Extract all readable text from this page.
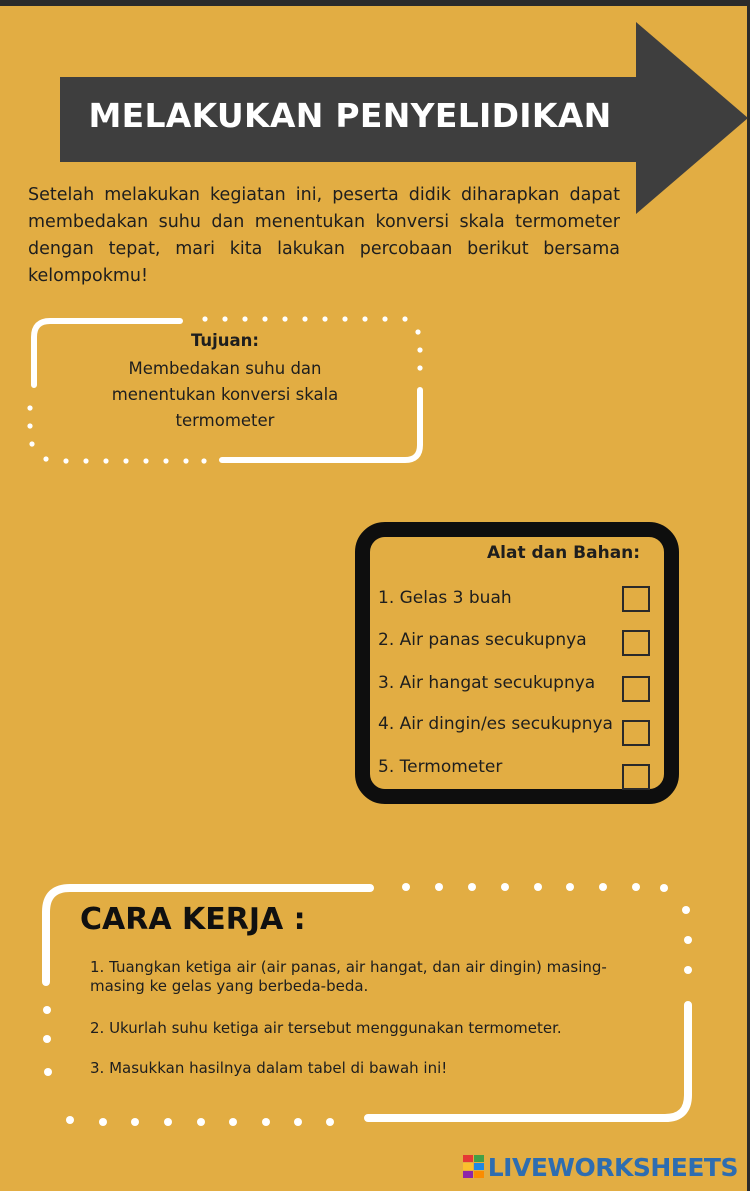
MELAKUKAN PENYELIDIKAN

Setelah melakukan kegiatan ini, peserta didik diharapkan dapat membedakan suhu dan menentukan konversi skala termometer dengan tepat, mari kita lakukan percobaan berikut bersama kelompokmu!

Tujuan:
Membedakan suhu dan menentukan konversi skala termometer
Alat dan Bahan:
1. Gelas 3 buah
2. Air panas secukupnya
3. Air hangat secukupnya
4. Air dingin/es secukupnya
5. Termometer
CARA KERJA :
1. Tuangkan ketiga air (air panas, air hangat, dan air dingin) masing-masing ke gelas yang berbeda-beda.
2. Ukurlah suhu ketiga air tersebut menggunakan termometer.
3. Masukkan hasilnya dalam tabel di bawah ini!
LIVEWORKSHEETS
